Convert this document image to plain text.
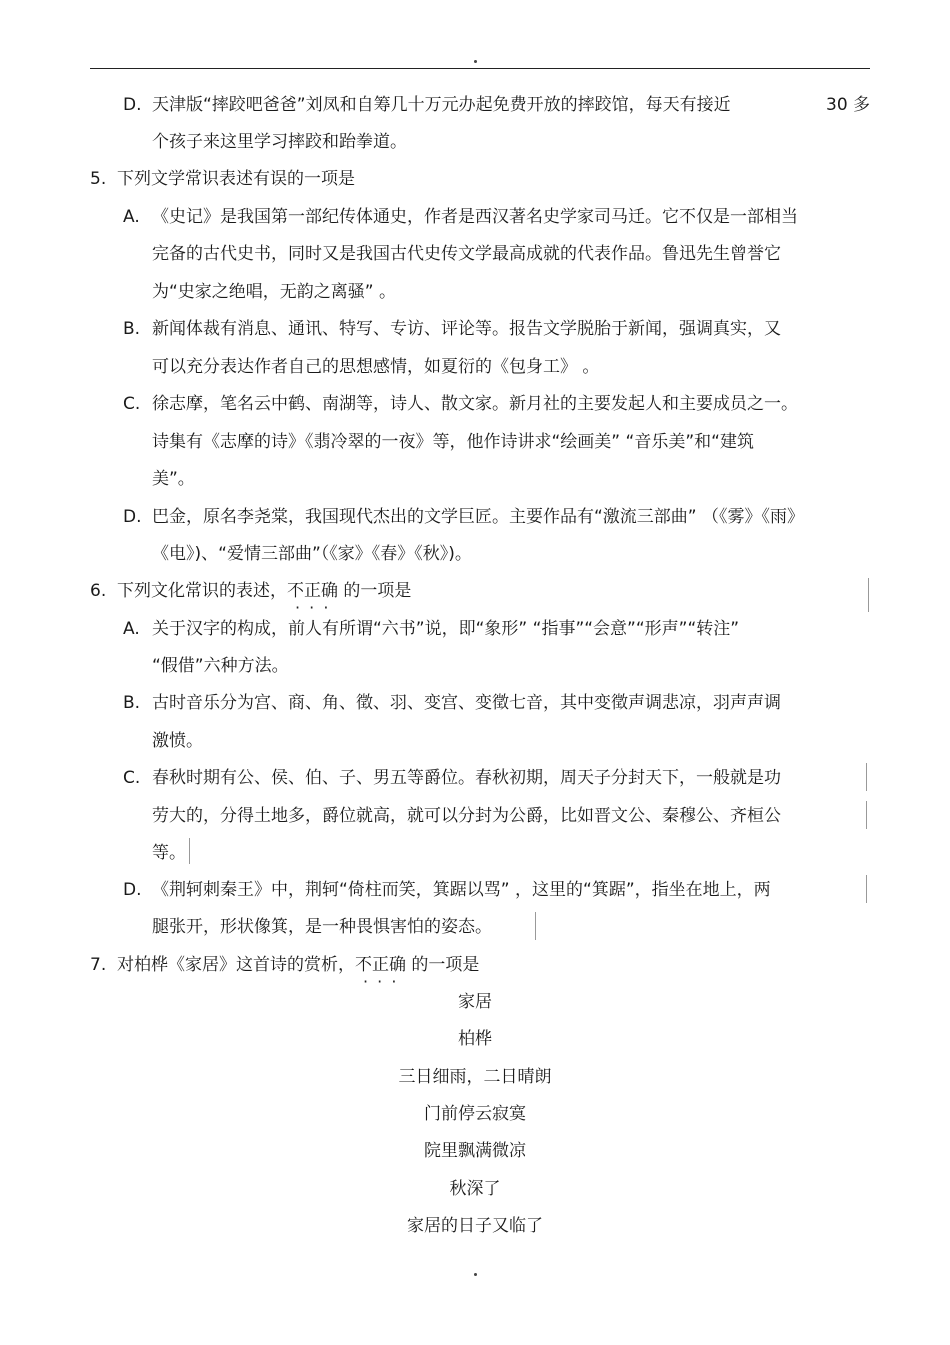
D. 天津版“摔跤吧爸爸”刘凤和自筹几十万元办起免费开放的摔跤馆，每天有接近	30 多
个孩子来这里学习摔跤和跆拳道。
5. 下列文学常识表述有误的一项是
A. 《史记》是我国第一部纪传体通史，作者是西汉著名史学家司马迁。它不仅是一部相当
完备的古代史书，同时又是我国古代史传文学最高成就的代表作品。鲁迅先生曾誉它
为“史家之绝唱，无韵之离骚” 。
B. 新闻体裁有消息、通讯、特写、专访、评论等。报告文学脱胎于新闻，强调真实，又
可以充分表达作者自己的思想感情，如夏衍的《包身工》 。
C. 徐志摩，笔名云中鹤、南湖等，诗人、散文家。新月社的主要发起人和主要成员之一。
诗集有《志摩的诗》《翡冷翠的一夜》等，他作诗讲求“绘画美” “音乐美”和“建筑
美”。
D. 巴金，原名李尧棠，我国现代杰出的文学巨匠。主要作品有“激流三部曲” （《雾》《雨》
《电》)、“爱情三部曲”（《家》《春》《秋》)。
6. 下列文化常识的表述，不正确 · · · 的一项是
A. 关于汉字的构成，前人有所谓“六书”说，即“象形” “指事”“会意”“形声”“转注”
“假借”六种方法。
B. 古时音乐分为宫、商、角、徵、羽、变宫、变徵七音，其中变徵声调悲凉，羽声声调
激愤。
C. 春秋时期有公、侯、伯、子、男五等爵位。春秋初期，周天子分封天下，一般就是功
劳大的，分得土地多，爵位就高，就可以分封为公爵，比如晋文公、秦穆公、齐桓公
等。
D. 《荆轲刺秦王》中，荆轲“倚柱而笑，箕踞以骂” ，这里的“箕踞”，指坐在地上，两
腿张开，形状像箕，是一种畏惧害怕的姿态。
7. 对柏桦《家居》这首诗的赏析，不正确 · · · 的一项是
家居
柏桦
三日细雨，二日晴朗
门前停云寂寞
院里飘满微凉
秋深了
家居的日子又临了
